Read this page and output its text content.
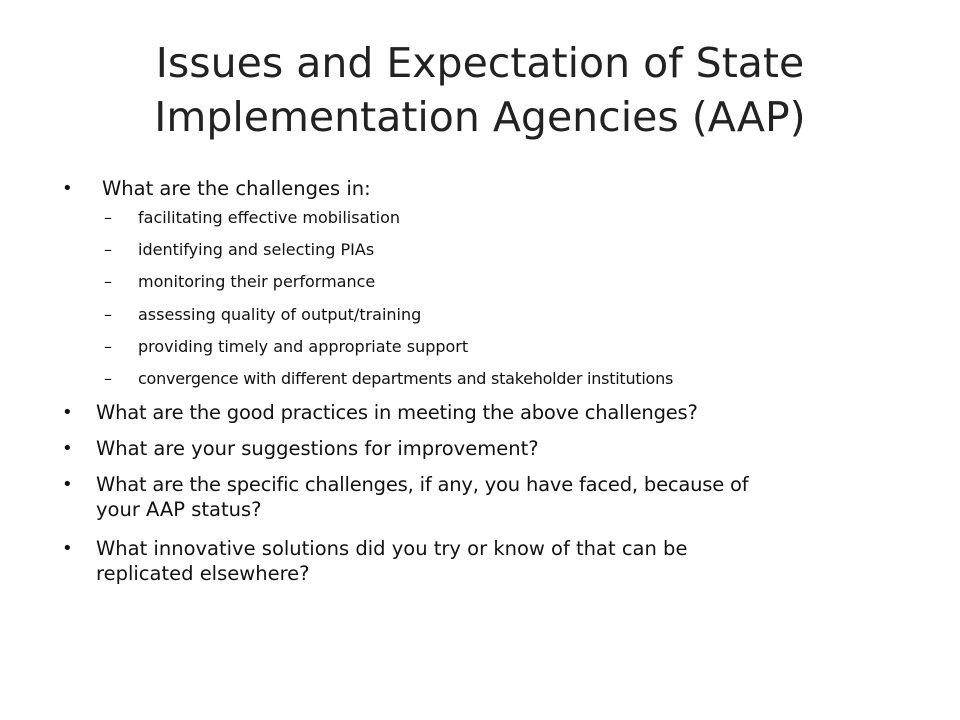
Issues and Expectation of State
Implementation Agencies (AAP)
• What are the challenges in:
– facilitating effective mobilisation
– identifying and selecting PIAs
– monitoring their performance
– assessing quality of output/training
– providing timely and appropriate support
– convergence with different departments and stakeholder institutions
• What are the good practices in meeting the above challenges?
• What are your suggestions for improvement?
• What are the specific challenges, if any, you have faced, because of
your AAP status?
• What innovative solutions did you try or know of that can be
replicated elsewhere?
